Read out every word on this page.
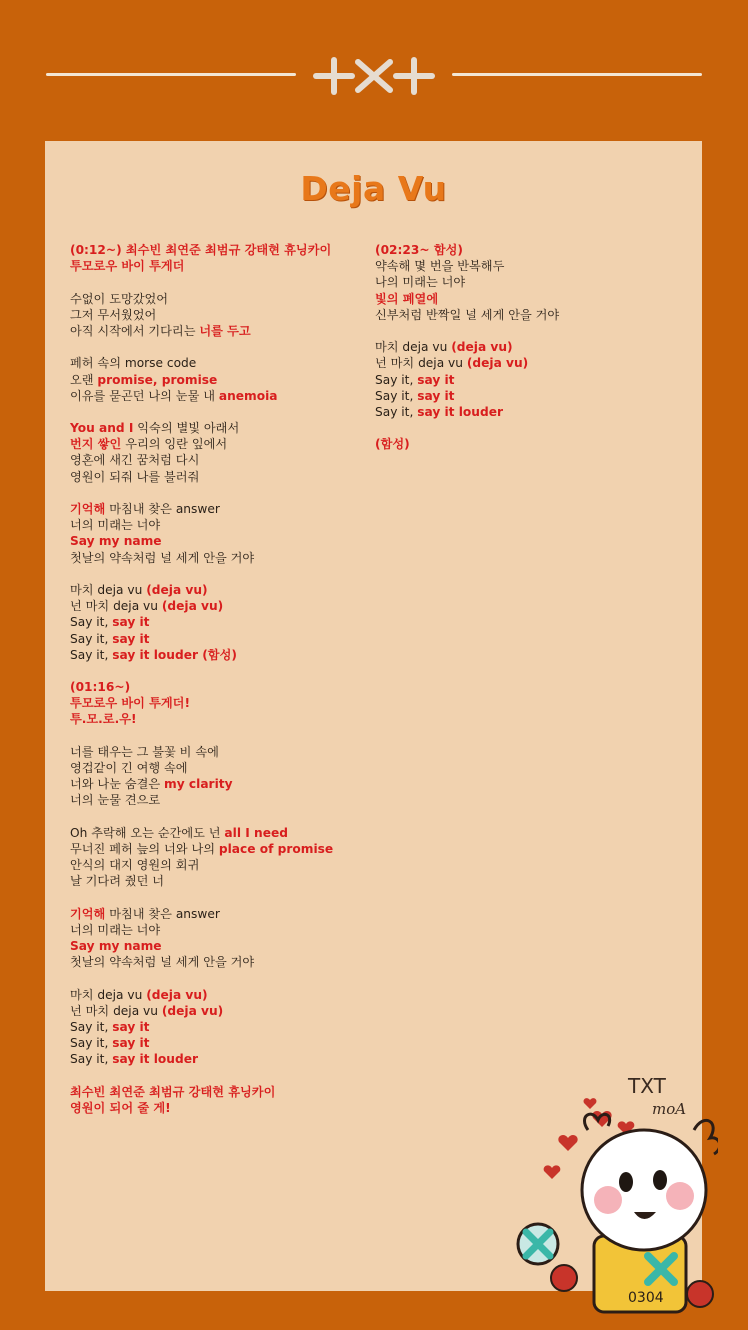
Deja Vu
(0:12~) 최수빈 최연준 최범규 강태현 휴닝카이
투모로우 바이 투게더
수없이 도망갔었어
그저 무서웠었어
아직 시작에서 기다리는 너를 두고
페허 속의 morse code
오랜 promise, promise
이유를 묻곤던 나의 눈물 내 anemoia
You and I 익숙의 별빛 아래서
번지 쌓인 우리의 잉란 잎에서
영혼에 새긴 꿈처럼 다시
영원이 되줘 나를 불러줘
기억해 마침내 찾은 answer
너의 미래는 너야
Say my name
첫날의 약속처럼 널 세게 안을 거야
마치 deja vu (deja vu)
넌 마치 deja vu (deja vu)
Say it, say it
Say it, say it
Say it, say it louder (함성)
(01:16~)
투모로우 바이 투게더!
투.모.로.우!
너를 태우는 그 불꽃 비 속에
영겁같이 긴 여행 속에
너와 나눈 숨결은 my clarity
너의 눈물 견으로
Oh 추락해 오는 순간에도 넌 all I need
무너진 페허 늪의 너와 나의 place of promise
안식의 대지 영원의 회귀
날 기다려 줬던 너
기억해 마침내 찾은 answer
너의 미래는 너야
Say my name
첫날의 약속처럼 널 세게 안을 거야
마치 deja vu (deja vu)
넌 마치 deja vu (deja vu)
Say it, say it
Say it, say it
Say it, say it louder
최수빈 최연준 최범규 강태현 휴닝카이
영원이 되어 줄 게!
(02:23~ 함성)
약속해 몇 번을 반복해두
나의 미래는 너야
빛의 폐열에
신부처럼 반짝일 널 세게 안을 거야
마치 deja vu (deja vu)
넌 마치 deja vu (deja vu)
Say it, say it
Say it, say it
Say it, say it louder
(함성)
TXT
moA
0304
